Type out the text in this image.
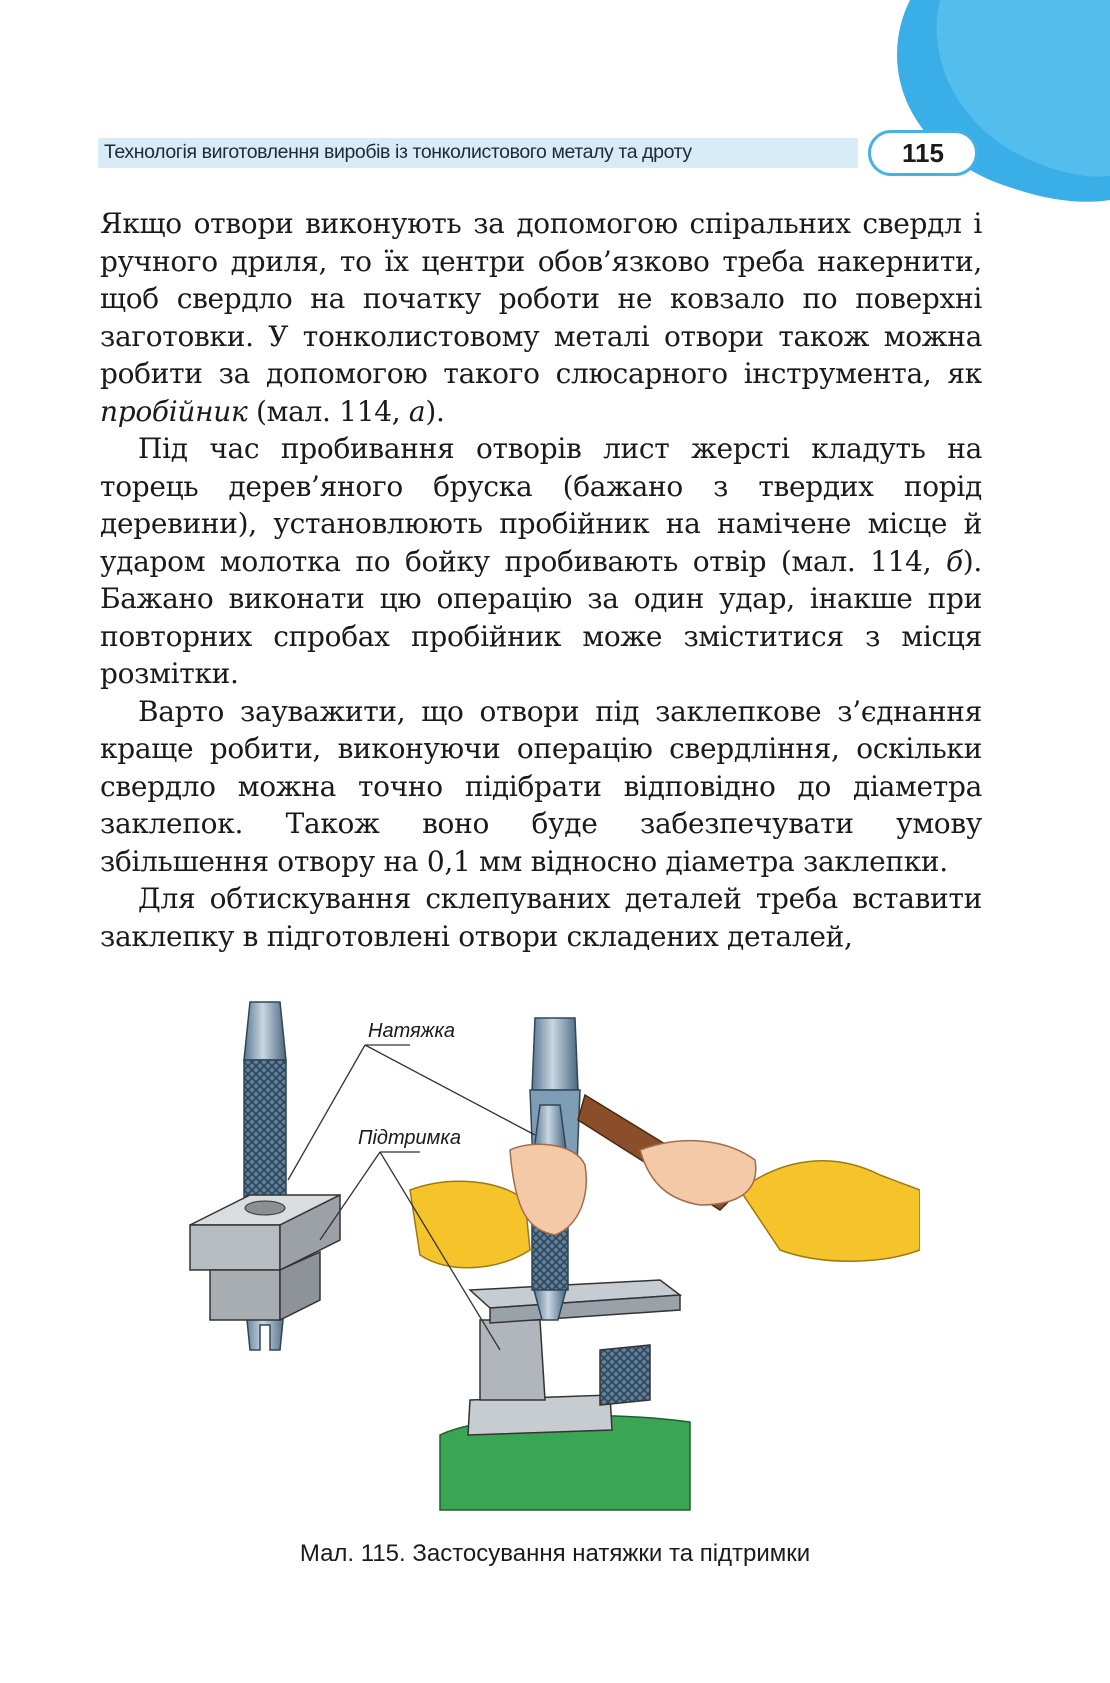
Технологія виготовлення виробів із тонколистового металу та дроту	115

Якщо отвори виконують за допомогою спіральних свердл і ручного дриля, то їх центри обов’язково треба накернити, щоб свердло на початку роботи не ковзало по поверхні заготовки. У тонколистовому металі отвори також можна робити за допомогою такого слюсарного інструмента, як пробійник (мал. 114, а).

Під час пробивання отворів лист жерсті кладуть на торець дерев’яного бруска (бажано з твердих порід деревини), установлюють пробійник на намічене місце й ударом молотка по бойку пробивають отвір (мал. 114, б). Бажано виконати цю операцію за один удар, інакше при повторних спробах пробійник може зміститися з місця розмітки.

Варто зауважити, що отвори під заклепкове з’єднання краще робити, виконуючи операцію свердління, оскільки свердло можна точно підібрати відповідно до діаметра заклепок. Також воно буде забезпечувати умову збільшення отвору на 0,1 мм відносно діаметра заклепки.

Для обтискування склепуваних деталей треба вставити заклепку в підготовлені отвори складених деталей,

Натяжка
Підтримка
Мал. 115. Застосування натяжки та підтримки
